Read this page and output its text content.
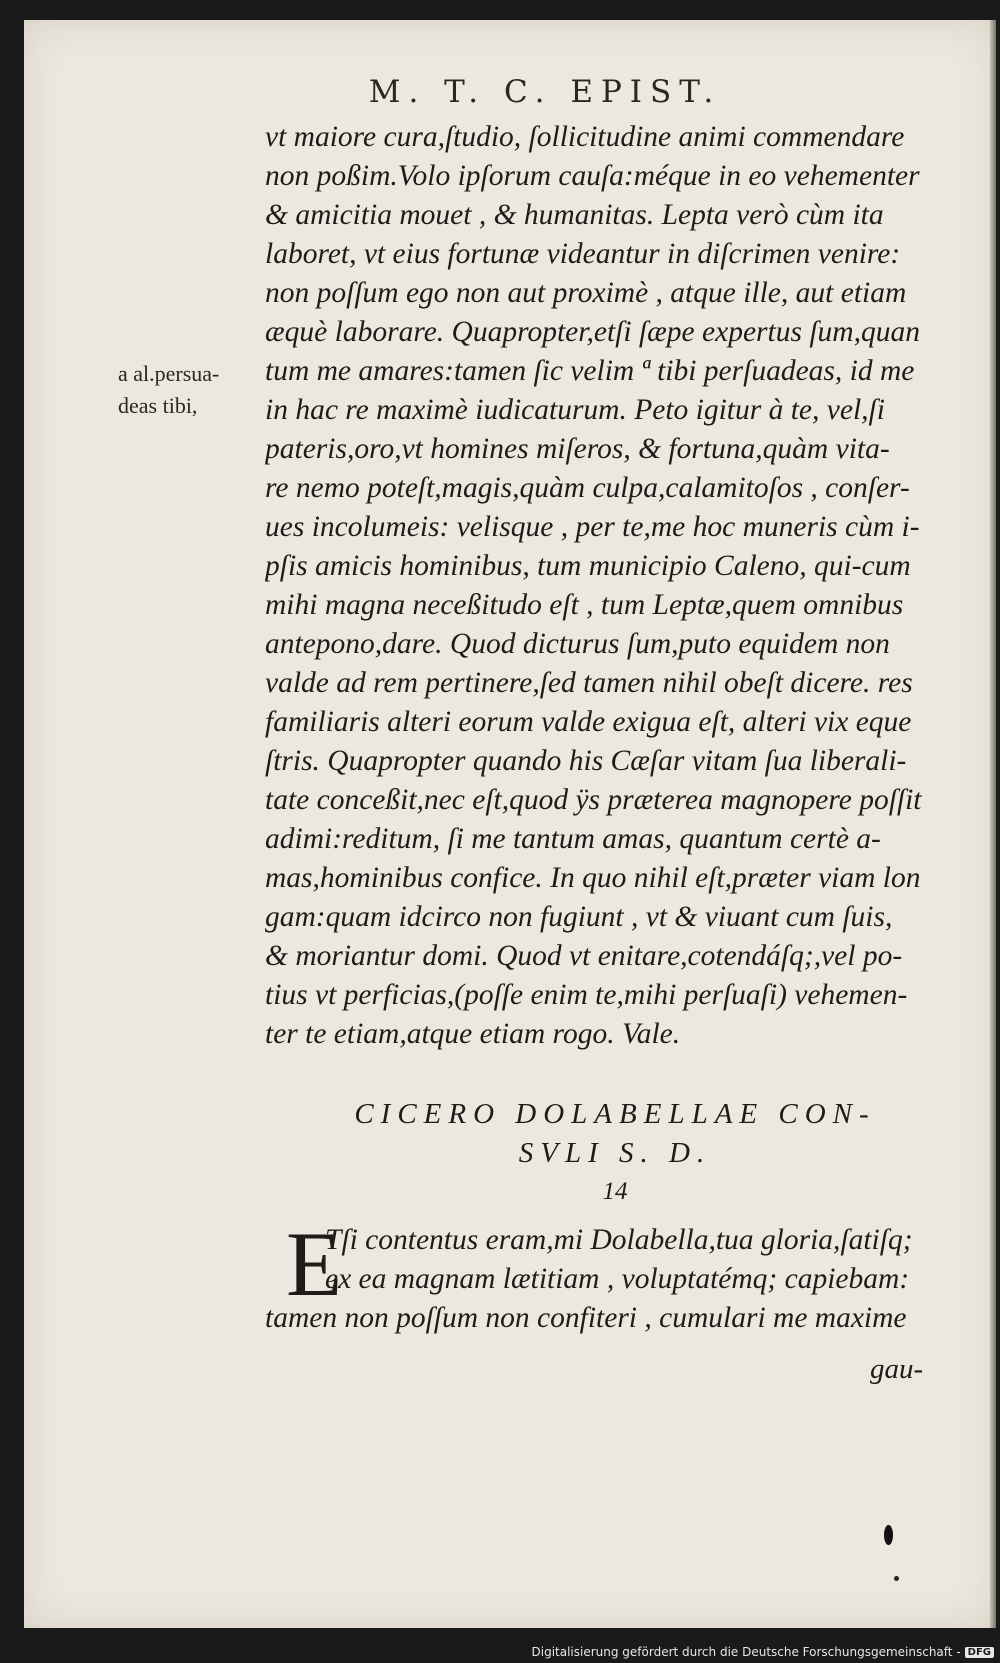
M. T. C. EPIST.
a al.persua-
deas tibi,
vt maiore cura,ſtudio, ſollicitudine animi commendare
non poßim.Volo ipſorum cauſa:méque in eo vehementer
& amicitia mouet , & humanitas. Lepta verò cùm ita
laboret, vt eius fortunæ videantur in diſcrimen venire:
non poſſum ego non aut proximè , atque ille, aut etiam
æquè laborare. Quapropter,etſi ſæpe expertus ſum,quan
tum me amares:tamen ſic velim ª tibi perſuadeas, id me
in hac re maximè iudicaturum. Peto igitur à te, vel,ſi
pateris,oro,vt homines miſeros, & fortuna,quàm vita-
re nemo poteſt,magis,quàm culpa,calamitoſos , conſer-
ues incolumeis: velisque , per te,me hoc muneris cùm i-
pſis amicis hominibus, tum municipio Caleno, qui-cum
mihi magna neceßitudo eſt , tum Leptæ,quem omnibus
antepono,dare. Quod dicturus ſum,puto equidem non
valde ad rem pertinere,ſed tamen nihil obeſt dicere. res
familiaris alteri eorum valde exigua eſt, alteri vix eque
ſtris. Quapropter quando his Cæſar vitam ſua liberali-
tate conceßit,nec eſt,quod ÿs præterea magnopere poſſit
adimi:reditum, ſi me tantum amas, quantum certè a-
mas,hominibus confice. In quo nihil eſt,præter viam lon
gam:quam idcirco non fugiunt , vt & viuant cum ſuis,
& moriantur domi. Quod vt enitare,cotendáſq;,vel po-
tius vt perficias,(poſſe enim te,mihi perſuaſi) vehemen-
ter te etiam,atque etiam rogo. Vale.
CICERO DOLABELLAE CON-
SVLI S. D.
14
E
Tſi contentus eram,mi Dolabella,tua gloria,ſatiſq;
ex ea magnam lætitiam , voluptatémq; capiebam:
tamen non poſſum non confiteri , cumulari me maxime
gau-
Digitalisierung gefördert durch die Deutsche Forschungsgemeinschaft - DFG
